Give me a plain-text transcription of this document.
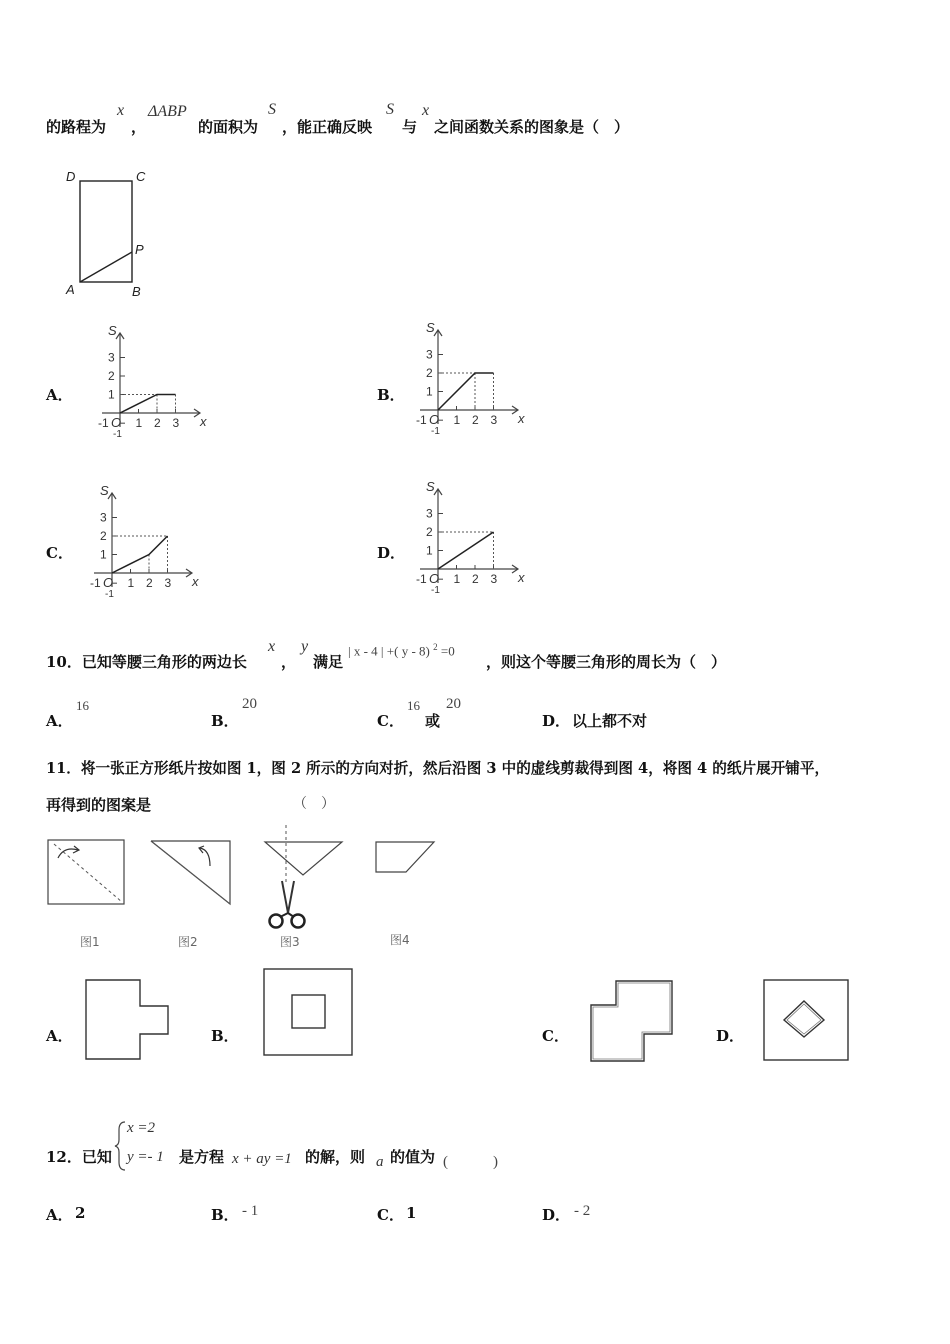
的路程为
x
，
ΔABP
的面积为
S
，能正确反映
S
与
x
之间函数关系的图象是（　）
D	C
P
A	B
A．	B．
C．	D．
S
x
3
2
1
1 2 3
-1 O
-1
S
x
3
2
1
1 2 3
-1 O
-1
S
x
3
2
1
1 2 3
-1 O
-1
S
x
3
2
1
1 2 3
-1 O
-1
10．已知等腰三角形的两边长
x
，
y
满足
| x - 4 | +( y - 8) $^2$ =0
，则这个等腰三角形的周长为（　）
A．
16
B．
20
C．
16
或
20
D． 以上都不对
11．将一张正方形纸片按如图 1，图 2 所示的方向对折，然后沿图 3 中的虚线剪裁得到图 4，将图 4 的纸片展开铺平，
再得到的图案是	（　）
图1	图2	图3	图4
A．	B．	C．	D．
12．已知
x =2
y =- 1 是方程 x + ay =1 的解，则 a 的值为 (　　　)
A． 2	B． - 1	C． 1	D． - 2
